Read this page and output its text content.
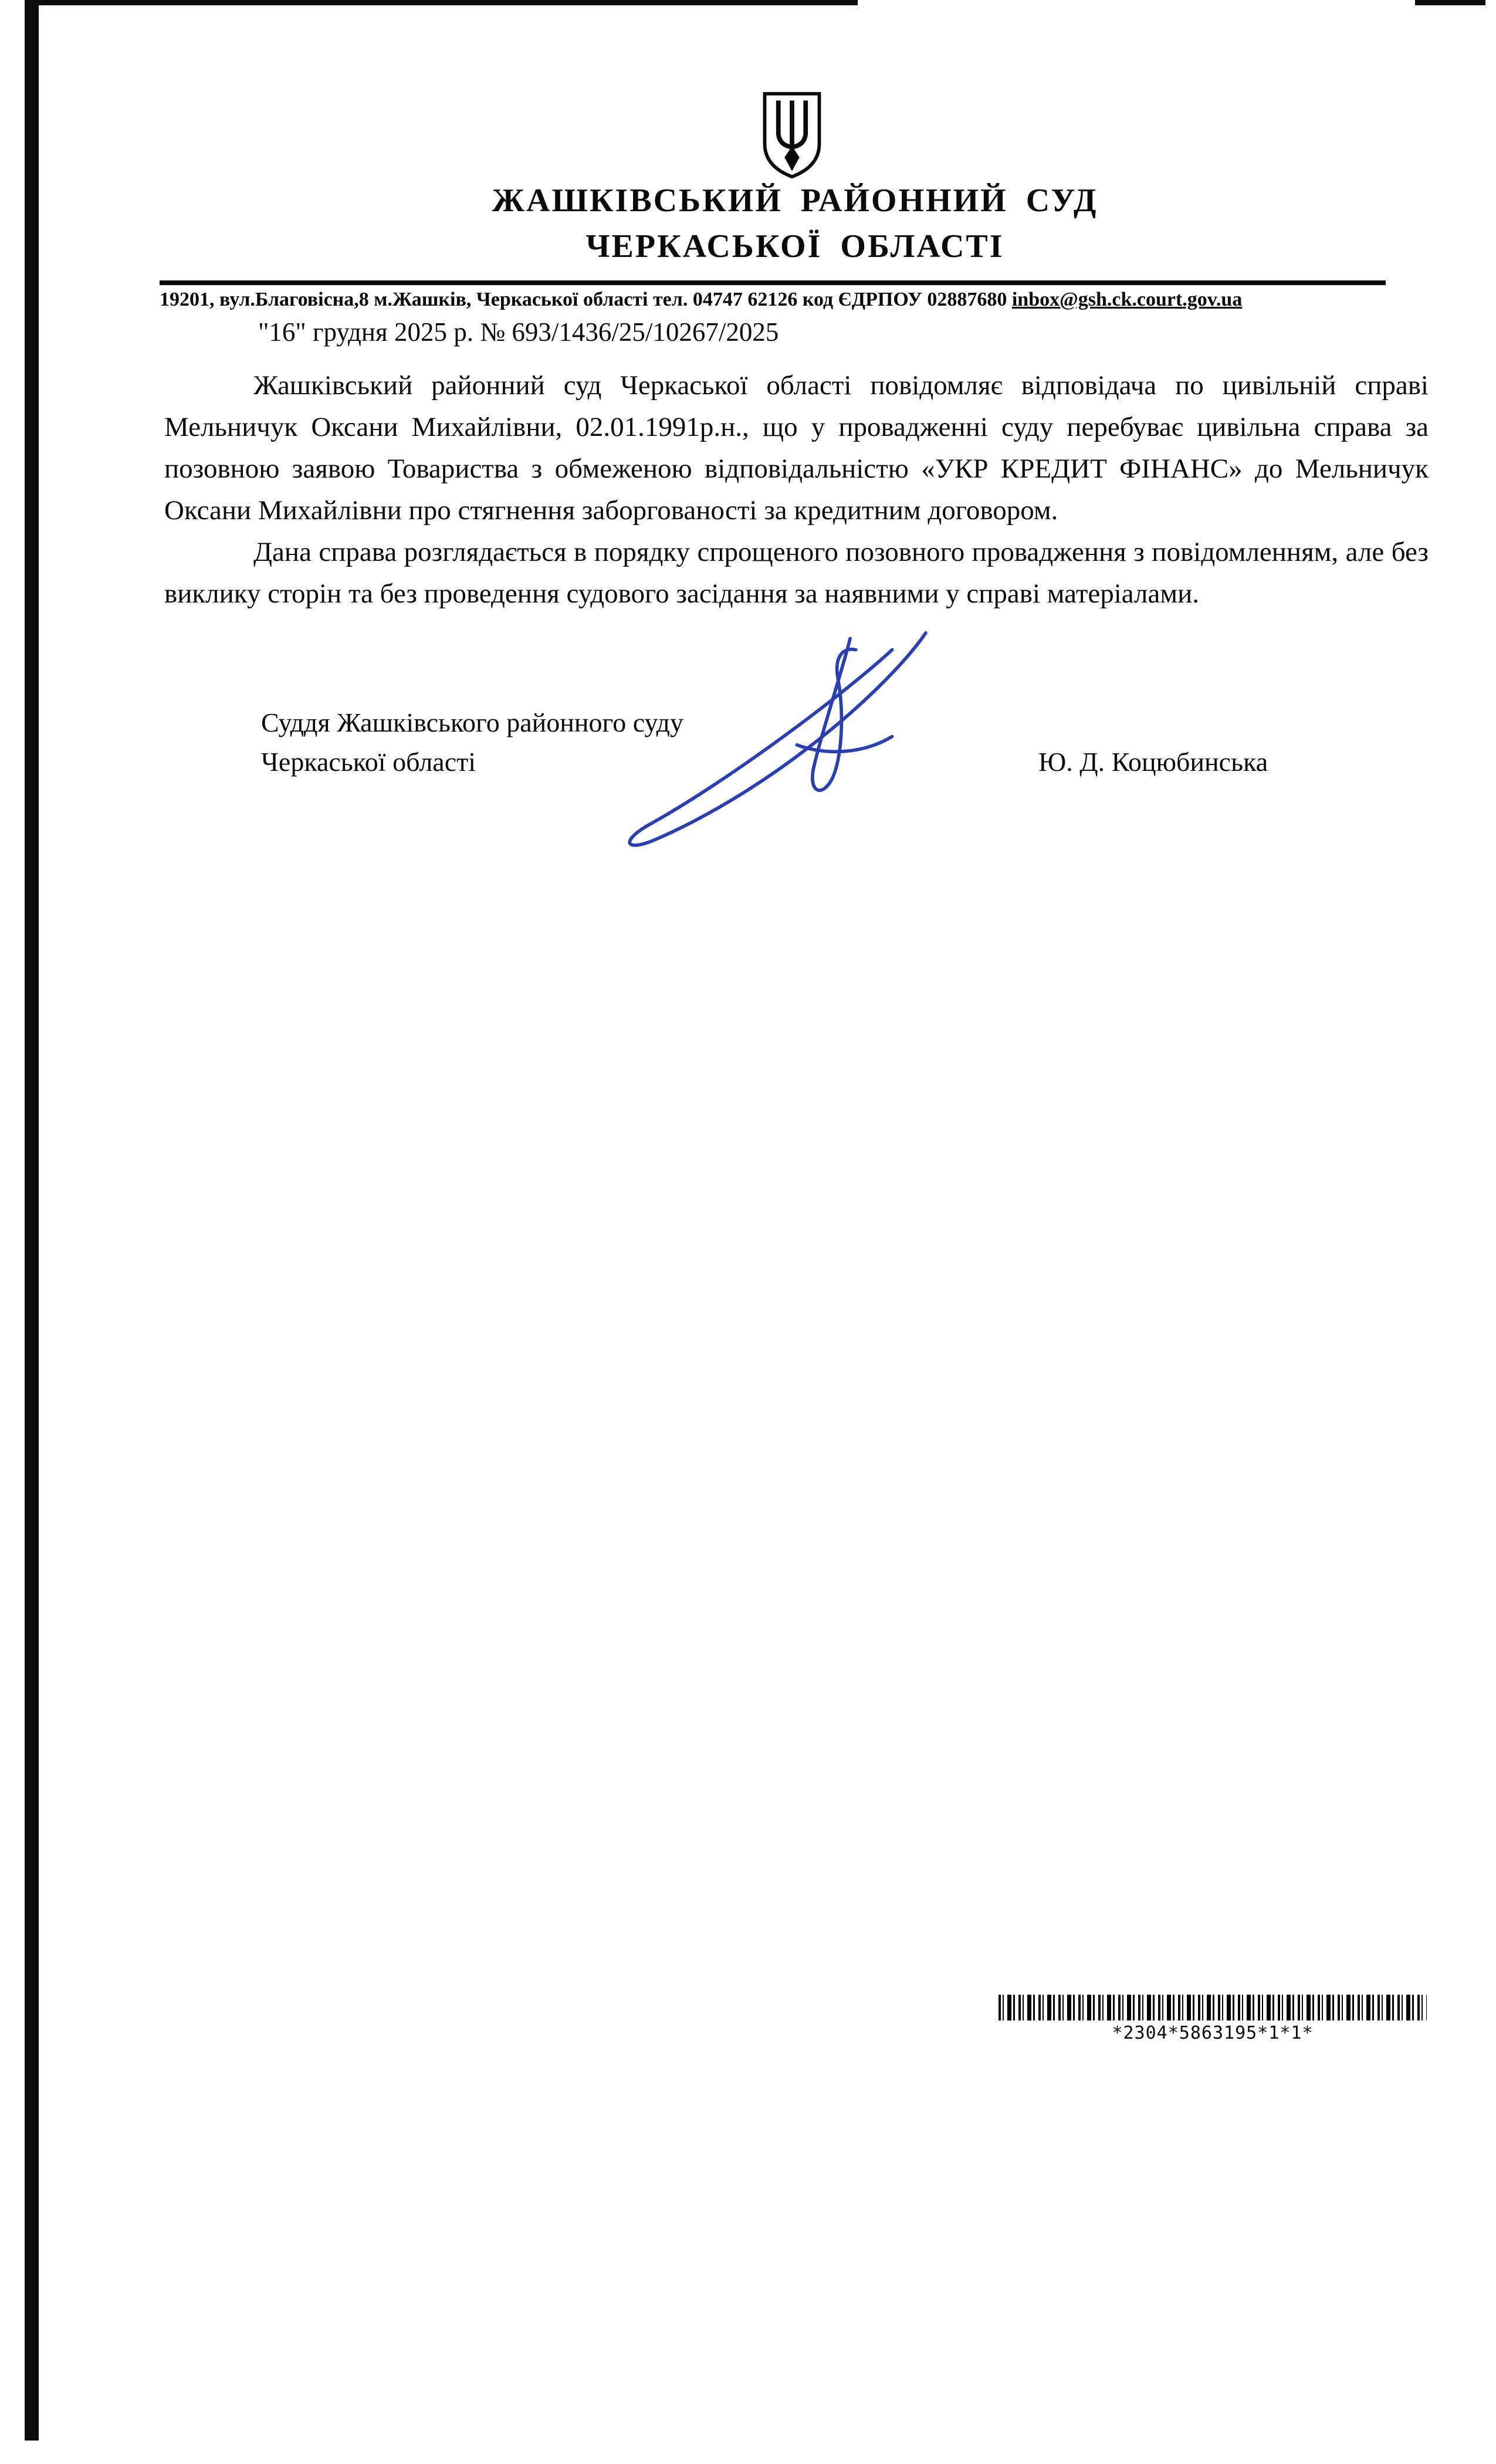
ЖАШКІВСЬКИЙ РАЙОННИЙ СУД
ЧЕРКАСЬКОЇ ОБЛАСТІ
19201, вул.Благовісна,8 м.Жашків, Черкаської області тел. 04747 62126 код ЄДРПОУ 02887680 inbox@gsh.ck.court.gov.ua
"16" грудня 2025 р. № 693/1436/25/10267/2025

Жашківський районний суд Черкаської області повідомляє відповідача по цивільній справі Мельничук Оксани Михайлівни, 02.01.1991р.н., що у провадженні суду перебуває цивільна справа за позовною заявою Товариства з обмеженою відповідальністю «УКР КРЕДИТ ФІНАНС» до Мельничук Оксани Михайлівни про стягнення заборгованості за кредитним договором.

Дана справа розглядається в порядку спрощеного позовного провадження з повідомленням, але без виклику сторін та без проведення судового засідання за наявними у справі матеріалами.

Суддя Жашківського районного суду
Черкаської області	Ю. Д. Коцюбинська
*2304*5863195*1*1*
